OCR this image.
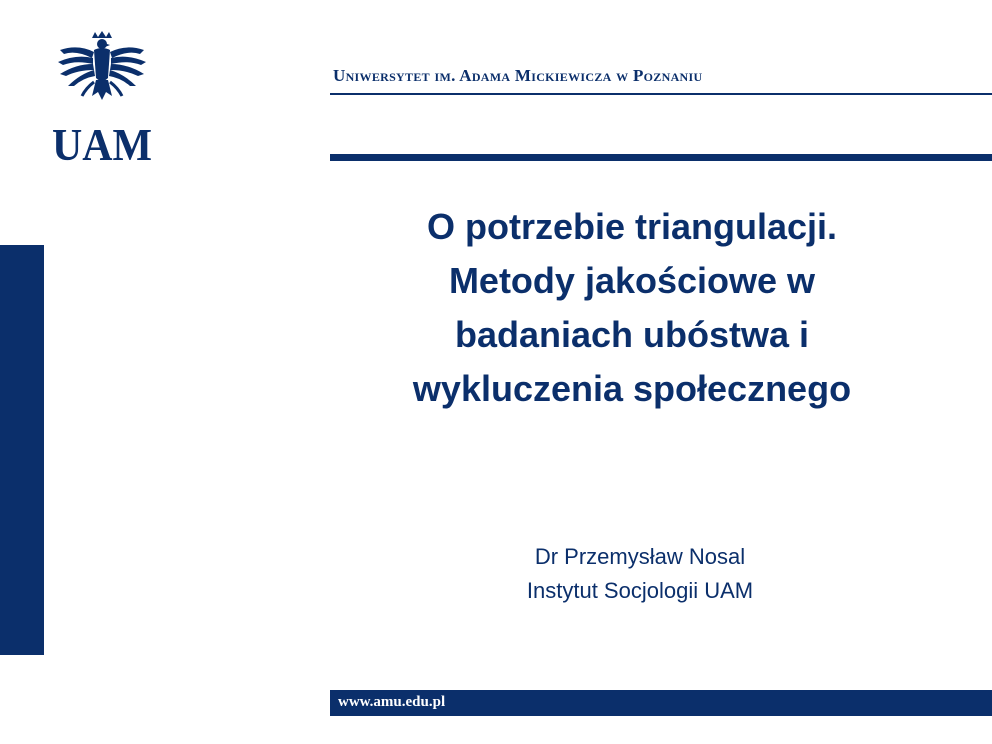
UAM
Uniwersytet im. Adama Mickiewicza w Poznaniu
O potrzebie triangulacji.
Metody jakościowe w
badaniach ubóstwa i
wykluczenia społecznego
Dr Przemysław Nosal
Instytut Socjologii UAM
www.amu.edu.pl
